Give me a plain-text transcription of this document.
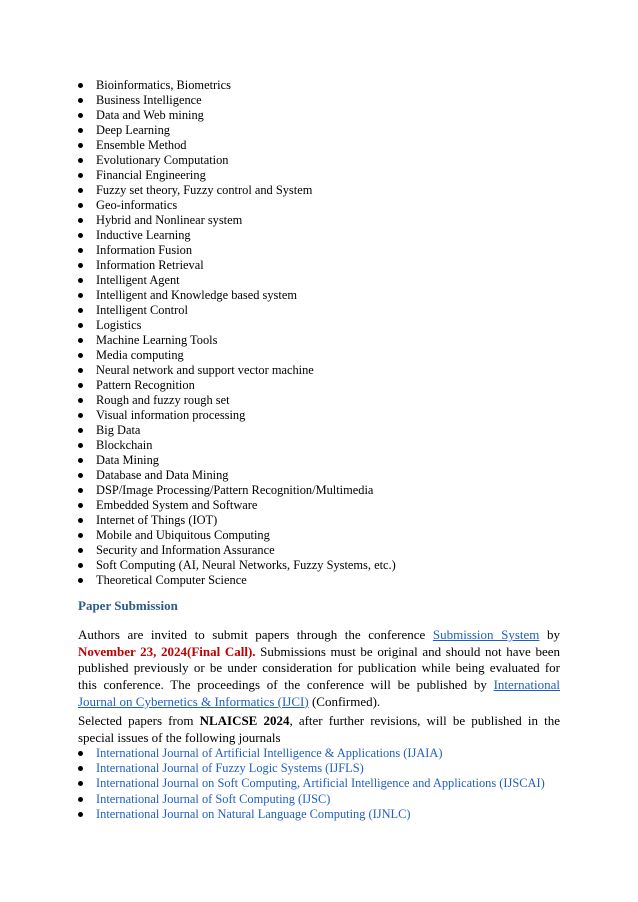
Bioinformatics, Biometrics
Business Intelligence
Data and Web mining
Deep Learning
Ensemble Method
Evolutionary Computation
Financial Engineering
Fuzzy set theory, Fuzzy control and System
Geo-informatics
Hybrid and Nonlinear system
Inductive Learning
Information Fusion
Information Retrieval
Intelligent Agent
Intelligent and Knowledge based system
Intelligent Control
Logistics
Machine Learning Tools
Media computing
Neural network and support vector machine
Pattern Recognition
Rough and fuzzy rough set
Visual information processing
Big Data
Blockchain
Data Mining
Database and Data Mining
DSP/Image Processing/Pattern Recognition/Multimedia
Embedded System and Software
Internet of Things (IOT)
Mobile and Ubiquitous Computing
Security and Information Assurance
Soft Computing (AI, Neural Networks, Fuzzy Systems, etc.)
Theoretical Computer Science
Paper Submission

Authors are invited to submit papers through the conference Submission System by November 23, 2024(Final Call). Submissions must be original and should not have been published previously or be under consideration for publication while being evaluated for this conference. The proceedings of the conference will be published by International Journal on Cybernetics & Informatics (IJCI) (Confirmed).

Selected papers from NLAICSE 2024, after further revisions, will be published in the special issues of the following journals

International Journal of Artificial Intelligence & Applications (IJAIA)
International Journal of Fuzzy Logic Systems (IJFLS)
International Journal on Soft Computing, Artificial Intelligence and Applications (IJSCAI)
International Journal of Soft Computing (IJSC)
International Journal on Natural Language Computing (IJNLC)
